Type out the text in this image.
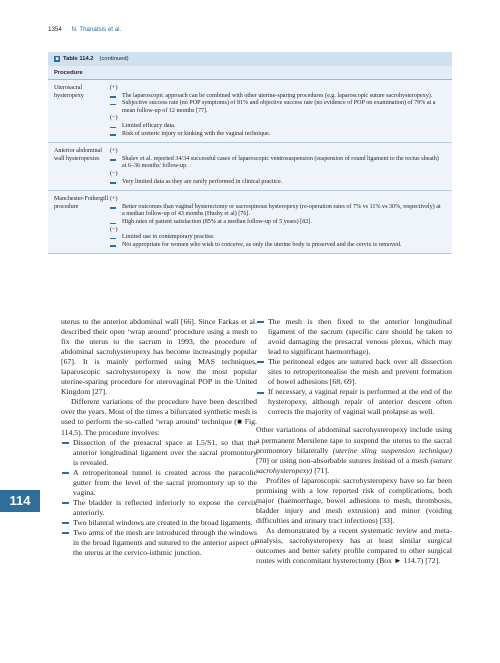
1354 N. Thanatsis et al.
■ Table 114.2 (continued)
Procedure
Uterosacral hysteropexy
(+)
The laparoscopic approach can be combined with other uterine-sparing procedures (e.g. laparoscopic suture sacrohysteropexy).
Subjective success rate (no POP symptoms) of 81% and objective success rate (no evidence of POP on examination) of 79% at a mean follow-up of 12 months [77].
(−)
Limited efficacy data.
Risk of ureteric injury or kinking with the vaginal technique.
Anterior abdominal wall hysteropexies
(+)
Shalev et al. reported 34/34 successful cases of laparoscopic ventrosuspension (suspension of round ligament to the rectus sheath) at 6–36 months' follow-up.
(−)
Very limited data as they are rarely performed in clinical practice.
Manchester-Fothergill procedure
(+)
Better outcomes than vaginal hysterectomy or sacrospinous hysteropexy (re-operation rates of 7% vs 11% vs 30%, respectively) at a median follow-up of 43 months (Husby et al) [76].
High rates of patient satisfaction (85% at a median follow-up of 5 years) [82].
(−)
Limited use in contemporary practise.
Not appropriate for women who wish to conceive, as only the uterine body is preserved and the cervix is removed.
114

uterus to the anterior abdominal wall [66]. Since Farkas et al. described their open ‘wrap around’ procedure using a mesh to fix the uterus to the sacrum in 1993, the procedure of abdominal sacrohysteropexy has become increasingly popular [67]. It is mainly performed using MAS techniques, laparoscopic sacrohysteropexy is now the most popular uterine-sparing procedure for uterovaginal POP in the United Kingdom [27].

Different variations of the procedure have been described over the years. Most of the times a bifurcated synthetic mesh is used to perform the so-called ‘wrap around’ technique (■ Fig. 114.5). The procedure involves:

Dissection of the presacral space at L5/S1, so that the anterior longitudinal ligament over the sacral promontory is revealed.
A retroperitoneal tunnel is created across the paracolic gutter from the level of the sacral promontory up to the vagina.
The bladder is reflected inferiorly to expose the cervix anteriorly.
Two bilateral windows are created in the broad ligaments.
Two arms of the mesh are introduced through the windows in the broad ligaments and sutured to the anterior aspect of the uterus at the cervico-isthmic junction.
The mesh is then fixed to the anterior longitudinal ligament of the sacrum (specific care should be taken to avoid damaging the presacral venous plexus, which may lead to significant haemorrhage).
The peritoneal edges are sutured back over all dissection sites to retroperitonealise the mesh and prevent formation of bowel adhesions [68, 69].
If necessary, a vaginal repair is performed at the end of the hysteropexy, although repair of anterior descent often corrects the majority of vaginal wall prolapse as well.

Other variations of abdominal sacrohysteropexy include using a permanent Mersilene tape to suspend the uterus to the sacral promontory bilaterally (uterine sling suspension technique) [70] or using non-absorbable sutures instead of a mesh (suture sacrohysteropexy) [71].

Profiles of laparoscopic sacrohysteropexy have so far been promising with a low reported risk of complications, both major (haemorrhage, bowel adhesions to mesh, thrombosis, bladder injury and mesh extrusion) and minor (voiding difficulties and urinary tract infections) [33].

As demonstrated by a recent systematic review and meta-analysis, sacrohysteropexy has at least similar surgical outcomes and better safety profile compared to other surgical routes with concomitant hysterectomy (Box ► 114.7) [72].
